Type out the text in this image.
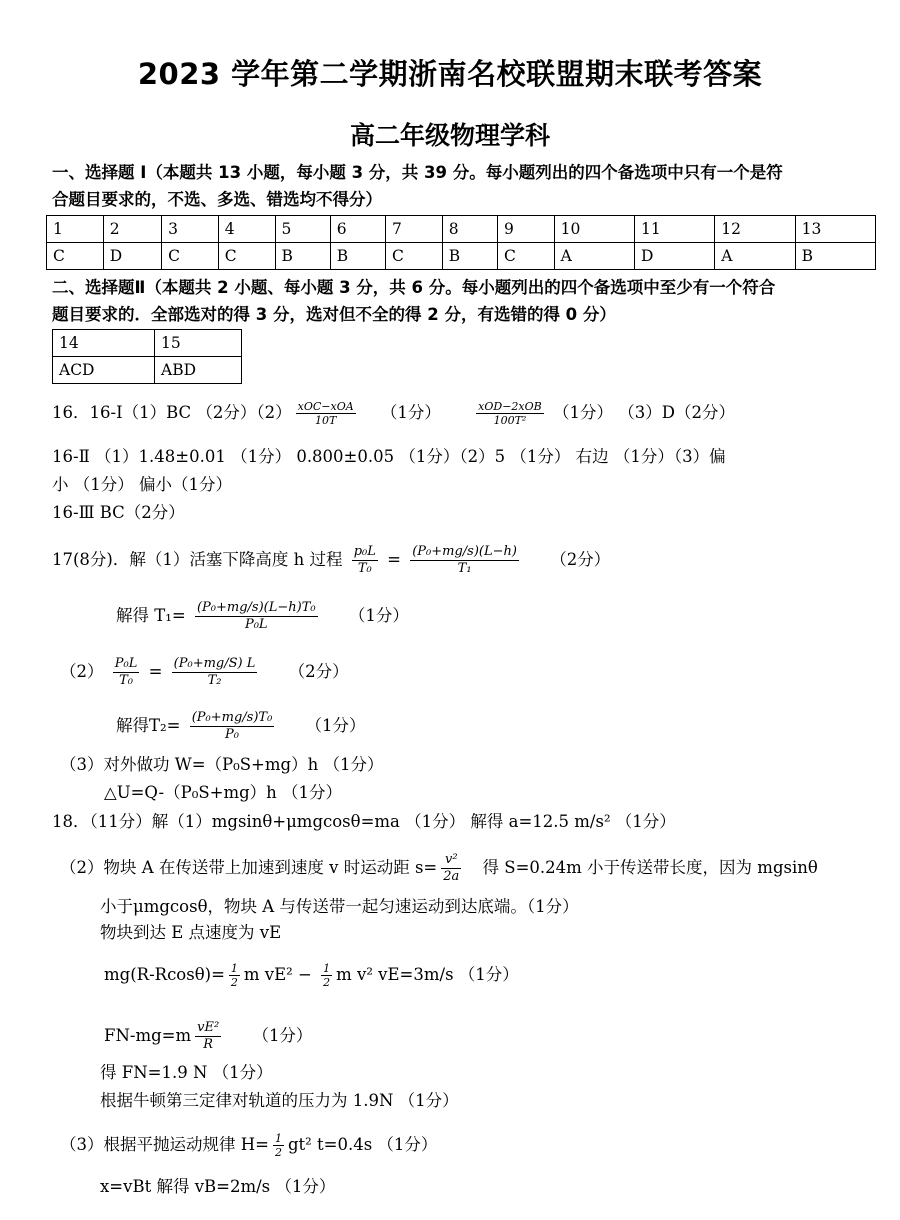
2023 学年第二学期浙南名校联盟期末联考答案
高二年级物理学科
一、选择题 I（本题共 13 小题，每小题 3 分，共 39 分。每小题列出的四个备选项中只有一个是符
合题目要求的，不选、多选、错选均不得分）
1	2	3	4	5	6	7	8	9	10	11	12	13
C	D	C	C	B	B	C	B	C	A	D	A	B
二、选择题Ⅱ（本题共 2 小题、每小题 3 分，共 6 分。每小题列出的四个备选项中至少有一个符合
题目要求的．全部选对的得 3 分，选对但不全的得 2 分，有选错的得 0 分）
14	15
ACD	ABD
16．16-Ⅰ（1）BC （2分）$(2) \frac{\text{xOC−xOA}}{10T} (1$分）	$\frac{\text{xOD−2xOB}}{\text{100T²}} (1$分） （3）D（2分）
16-Ⅱ （1）1.48±0.01 （1分） 0.800±0.05 （1分）（2）5 （1分） 右边 （1分）（3）偏
小 （1分） 偏小（1分）
16-Ⅲ BC（2分）
17(8分)．解（1）活塞下降高度 h 过程 $\frac{\text{p₀L}}{\text{T₀}} = \frac{\text{(P₀+mg/s)(L−h)}}{\text{T₁}} (2$分）
解得 $T_1= \frac{\text{(P₀+mg/s)(L−h)T₀}}{\text{P₀L}} (1$分）
$(2) \frac{\text{P₀L}}{\text{T₀}} = \frac{\text{(P₀+mg/S) L}}{\text{T₂}} (2$分）
解得$T_2= \frac{\text{(P₀+mg/s)T₀}}{\text{P₀}} (1$分）
（3）对外做功 W=（P₀S+mg）h （1分）
△U=Q-（P₀S+mg）h （1分）
18．（11分）解（1）mgsinθ+μmgcosθ=ma （1分） 解得 a=12.5 m/s² （1分）
（2）物块 A 在传送带上加速到速度 v 时运动距 $s= \frac{\text{v²}}{2a}$ 得 S=0.24m 小于传送带长度，因为 mgsinθ
小于μmgcosθ，物块 A 与传送带一起匀速运动到达底端。（1分）
物块到达 E 点速度为 vE
$mg(R-Rcos\theta)= \frac{1}{2}$ m $vE^2 - \frac{1}{2}$ m v² vE=3m/s （1分）
$FN-mg=m \frac{\text{vE²}}{R} (1$分）
得 FN=1.9 N （1分）
根据牛顿第三定律对轨道的压力为 1.9N （1分）
（3）根据平抛运动规律 $H= \frac{1}{2} gt^2$ t=0.4s （1分）
x=vBt 解得 vB=2m/s （1分）
